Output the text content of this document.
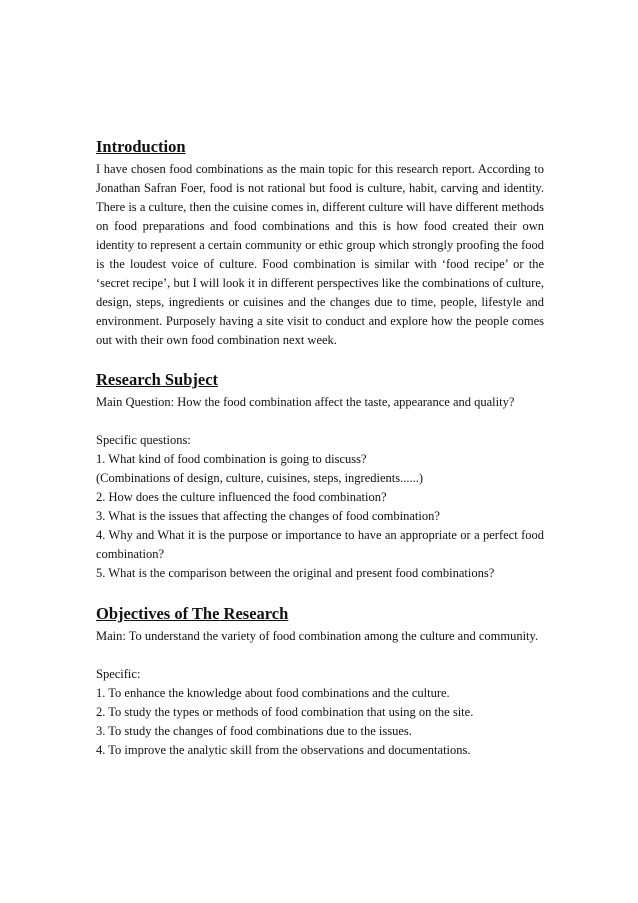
Introduction

I have chosen food combinations as the main topic for this research report. According to Jonathan Safran Foer, food is not rational but food is culture, habit, carving and identity. There is a culture, then the cuisine comes in, different culture will have different methods on food preparations and food combinations and this is how food created their own identity to represent a certain community or ethic group which strongly proofing the food is the loudest voice of culture. Food combination is similar with ‘food recipe’ or the ‘secret recipe’, but I will look it in different perspectives like the combinations of culture, design, steps, ingredients or cuisines and the changes due to time, people, lifestyle and environment. Purposely having a site visit to conduct and explore how the people comes out with their own food combination next week.

Research Subject

Main Question: How the food combination affect the taste, appearance and quality?

Specific questions:

1. What kind of food combination is going to discuss?

(Combinations of design, culture, cuisines, steps, ingredients......)

2. How does the culture influenced the food combination?

3. What is the issues that affecting the changes of food combination?

4. Why and What it is the purpose or importance to have an appropriate or a perfect food combination?

5. What is the comparison between the original and present food combinations?

Objectives of The Research

Main: To understand the variety of food combination among the culture and community.

Specific:

1. To enhance the knowledge about food combinations and the culture.

2. To study the types or methods of food combination that using on the site.

3. To study the changes of food combinations due to the issues.

4. To improve the analytic skill from the observations and documentations.
